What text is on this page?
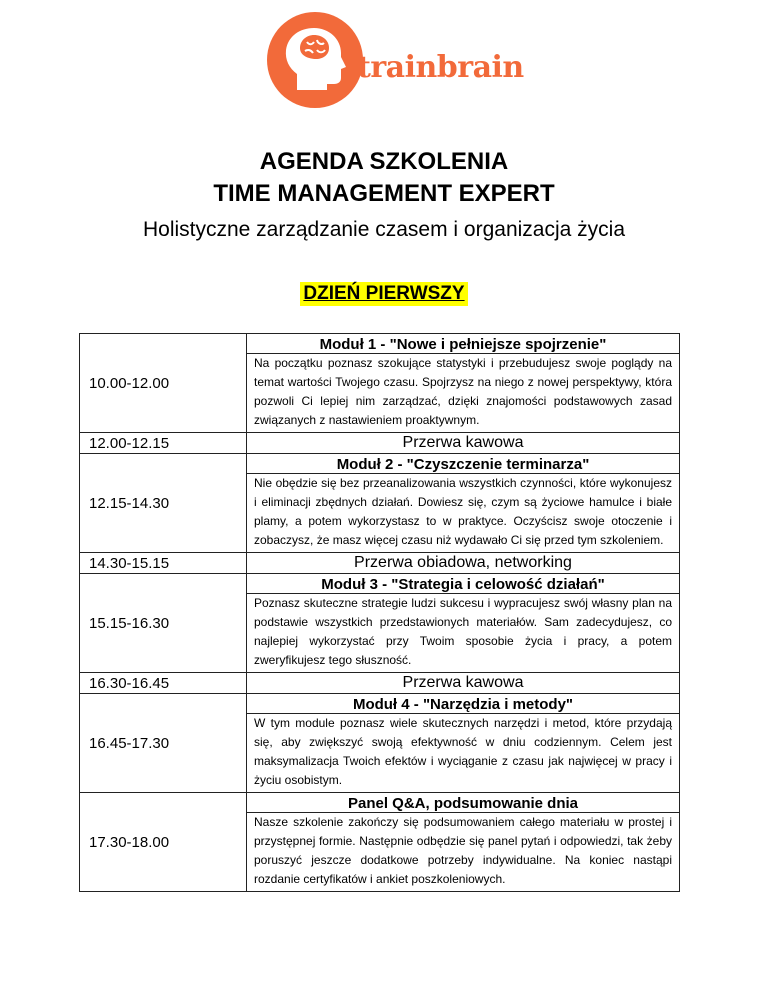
trainbrain
AGENDA SZKOLENIA
TIME MANAGEMENT EXPERT
Holistyczne zarządzanie czasem i organizacja życia
DZIEŃ PIERWSZY
10.00-12.00	Moduł 1 - "Nowe i pełniejsze spojrzenie"
Na początku poznasz szokujące statystyki i przebudujesz swoje poglądy na temat wartości Twojego czasu. Spojrzysz na niego z nowej perspektywy, która pozwoli Ci lepiej nim zarządzać, dzięki znajomości podstawowych zasad związanych z nastawieniem proaktywnym.

12.00-12.15	Przerwa kawowa

12.15-14.30	Moduł 2 - "Czyszczenie terminarza"
Nie obędzie się bez przeanalizowania wszystkich czynności, które wykonujesz i eliminacji zbędnych działań. Dowiesz się, czym są życiowe hamulce i białe plamy, a potem wykorzystasz to w praktyce. Oczyścisz swoje otoczenie i zobaczysz, że masz więcej czasu niż wydawało Ci się przed tym szkoleniem.

14.30-15.15	Przerwa obiadowa, networking

15.15-16.30	Moduł 3 - "Strategia i celowość działań"
Poznasz skuteczne strategie ludzi sukcesu i wypracujesz swój własny plan na podstawie wszystkich przedstawionych materiałów. Sam zadecydujesz, co najlepiej wykorzystać przy Twoim sposobie życia i pracy, a potem zweryfikujesz tego słuszność.

16.30-16.45	Przerwa kawowa

16.45-17.30	Moduł 4 - "Narzędzia i metody"
W tym module poznasz wiele skutecznych narzędzi i metod, które przydają się, aby zwiększyć swoją efektywność w dniu codziennym. Celem jest maksymalizacja Twoich efektów i wyciąganie z czasu jak najwięcej w pracy i życiu osobistym.

17.30-18.00	Panel Q&A, podsumowanie dnia
Nasze szkolenie zakończy się podsumowaniem całego materiału w prostej i przystępnej formie. Następnie odbędzie się panel pytań i odpowiedzi, tak żeby poruszyć jeszcze dodatkowe potrzeby indywidualne. Na koniec nastąpi rozdanie certyfikatów i ankiet poszkoleniowych.
